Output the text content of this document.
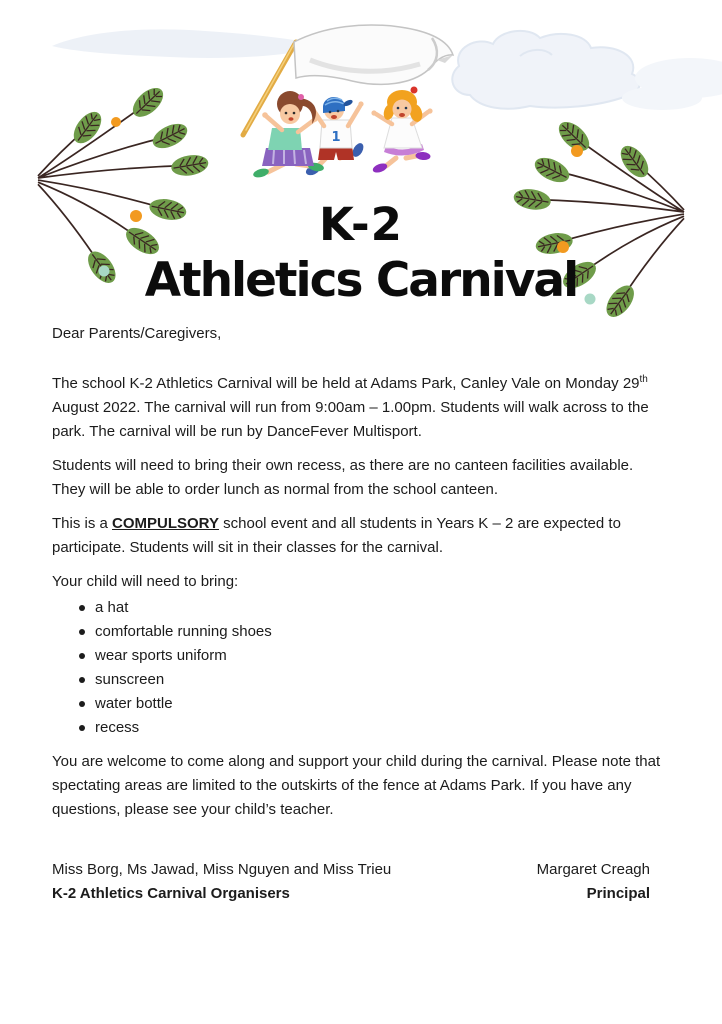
1
K-2
Athletics Carnival

Dear Parents/Caregivers,

The school K-2 Athletics Carnival will be held at Adams Park, Canley Vale on Monday 29th August 2022. The carnival will run from 9:00am – 1.00pm. Students will walk across to the park. The carnival will be run by DanceFever Multisport.

Students will need to bring their own recess, as there are no canteen facilities available. They will be able to order lunch as normal from the school canteen.

This is a COMPULSORY school event and all students in Years K – 2 are expected to participate. Students will sit in their classes for the carnival.

Your child will need to bring:

a hat
comfortable running shoes
wear sports uniform
sunscreen
water bottle
recess

You are welcome to come along and support your child during the carnival. Please note that spectating areas are limited to the outskirts of the fence at Adams Park. If you have any questions, please see your child’s teacher.

Miss Borg, Ms Jawad, Miss Nguyen and Miss Trieu
K-2 Athletics Carnival Organisers
Margaret Creagh
Principal
